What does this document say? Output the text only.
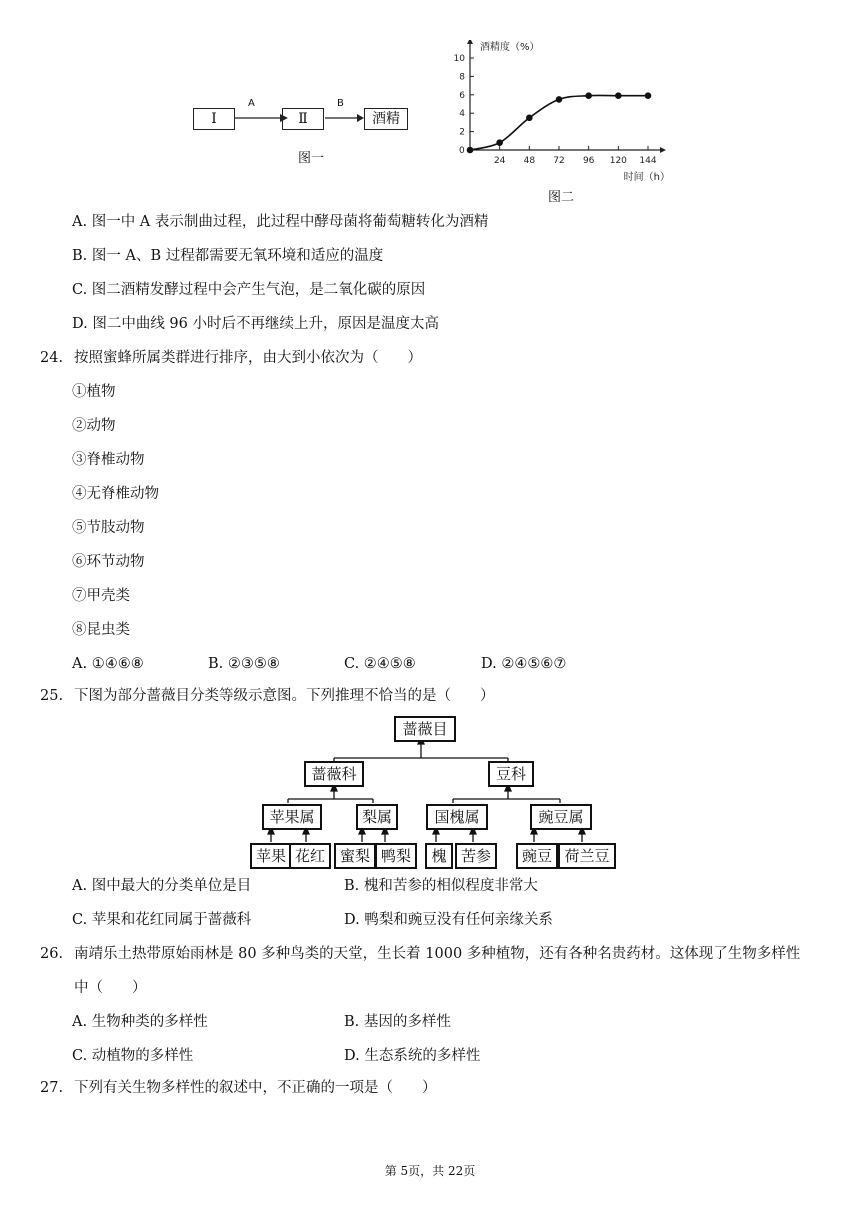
Ⅰ	Ⅱ	酒精
A	B
图一
2
4
6
8
10
0
24 48 72 96 120 144
酒精度（%）
时间（h）
图二
A. 图一中 A 表示制曲过程，此过程中酵母菌将葡萄糖转化为酒精
B. 图一 A、B 过程都需要无氧环境和适应的温度
C. 图二酒精发酵过程中会产生气泡，是二氧化碳的原因
D. 图二中曲线 96 小时后不再继续上升，原因是温度太高
24. 按照蜜蜂所属类群进行排序，由大到小依次为（　　）
①植物
②动物
③脊椎动物
④无脊椎动物
⑤节肢动物
⑥环节动物
⑦甲壳类
⑧昆虫类
A. ①④⑥⑧	B. ②③⑤⑧	C. ②④⑤⑧	D. ②④⑤⑥⑦
25. 下图为部分蔷薇目分类等级示意图。下列推理不恰当的是（　　）
蔷薇目
蔷薇科	豆科
苹果属	梨属	国槐属	豌豆属
苹果 花红 蜜梨 鸭梨	槐 苦参	豌豆 荷兰豆
A. 图中最大的分类单位是目	B. 槐和苦参的相似程度非常大
C. 苹果和花红同属于蔷薇科	D. 鸭梨和豌豆没有任何亲缘关系
26. 南靖乐土热带原始雨林是 80 多种鸟类的天堂，生长着 1000 多种植物，还有各种名贵药材。这体现了生物多样性
中（　　）
A. 生物种类的多样性	B. 基因的多样性
C. 动植物的多样性	D. 生态系统的多样性
27. 下列有关生物多样性的叙述中，不正确的一项是（　　）
第 5页，共 22页
